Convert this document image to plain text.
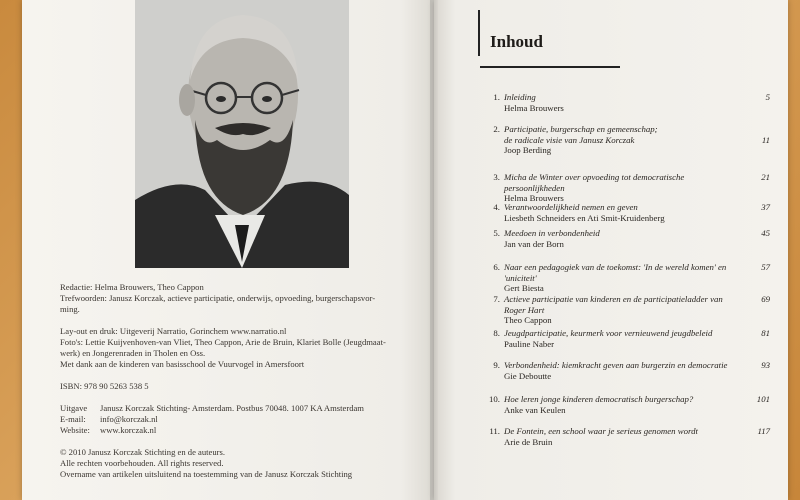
Redactie: Helma Brouwers, Theo Cappon

Trefwoorden: Janusz Korczak, actieve participatie, onderwijs, opvoeding, burgerschapsvor-

ming.

Lay-out en druk: Uitgeverij Narratio, Gorinchem www.narratio.nl

Foto's: Lettie Kuijvenhoven-van Vliet, Theo Cappon, Arie de Bruin, Klariet Bolle (Jeugdmaat-

werk) en Jongerenraden in Tholen en Oss.

Met dank aan de kinderen van basisschool de Vuurvogel in Amersfoort

ISBN: 978 90 5263 538 5

Uitgave	Janusz Korczak Stichting- Amsterdam. Postbus 70048. 1007 KA Amsterdam
E-mail:	info@korczak.nl
Website:	www.korczak.nl

© 2010 Janusz Korczak Stichting en de auteurs.

Alle rechten voorbehouden. All rights reserved.

Overname van artikelen uitsluitend na toestemming van de Janusz Korczak Stichting

Inhoud
1. Inleiding
Helma Brouwers
5
2. Participatie, burgerschap en gemeenschap;
de radicale visie van Janusz Korczak
Joop Berding
11
3. Micha de Winter over opvoeding tot democratische persoonlijkheden
Helma Brouwers
21
4. Verantwoordelijkheid nemen en geven
Liesbeth Schneiders en Ati Smit-Kruidenberg
37
5. Meedoen in verbondenheid
Jan van der Born
45
6. Naar een pedagogiek van de toekomst: 'In de wereld komen' en 'uniciteit'
Gert Biesta
57
7. Actieve participatie van kinderen en de participatieladder van Roger Hart
Theo Cappon
69
8. Jeugdparticipatie, keurmerk voor vernieuwend jeugdbeleid
Pauline Naber
81
9. Verbondenheid: kiemkracht geven aan burgerzin en democratie
Gie Deboutte
93
10. Hoe leren jonge kinderen democratisch burgerschap?
Anke van Keulen
101
11. De Fontein, een school waar je serieus genomen wordt
Arie de Bruin
117
